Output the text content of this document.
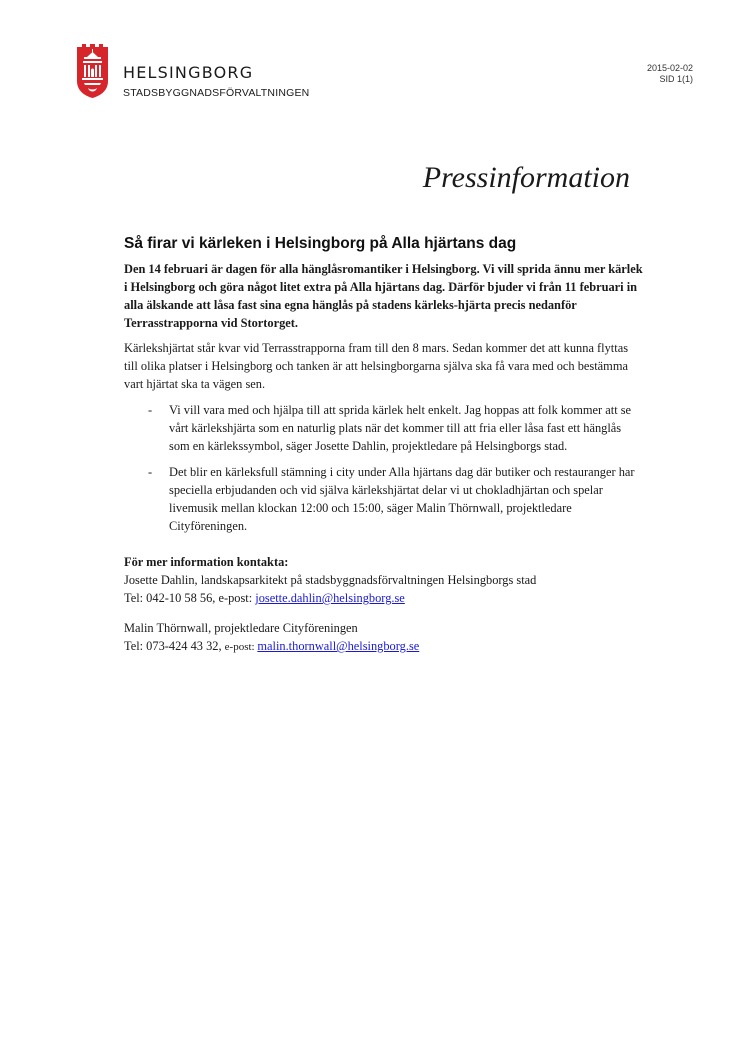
HELSINGBORG
STADSBYGGNADSFÖRVALTNINGEN
2015-02-02
SID 1(1)
Pressinformation
Så firar vi kärleken i Helsingborg på Alla hjärtans dag

Den 14 februari är dagen för alla hänglåsromantiker i Helsingborg. Vi vill sprida ännu mer kärlek i Helsingborg och göra något litet extra på Alla hjärtans dag. Därför bjuder vi från 11 februari in alla älskande att låsa fast sina egna hänglås på stadens kärleks-hjärta precis nedanför Terrasstrapporna vid Stortorget.

Kärlekshjärtat står kvar vid Terrasstrapporna fram till den 8 mars. Sedan kommer det att kunna flyttas till olika platser i Helsingborg och tanken är att helsingborgarna själva ska få vara med och bestämma vart hjärtat ska ta vägen sen.

- Vi vill vara med och hjälpa till att sprida kärlek helt enkelt. Jag hoppas att folk kommer att se vårt kärlekshjärta som en naturlig plats när det kommer till att fria eller låsa fast ett hänglås som en kärlekssymbol, säger Josette Dahlin, projektledare på Helsingborgs stad.
- Det blir en kärleksfull stämning i city under Alla hjärtans dag där butiker och restauranger har speciella erbjudanden och vid själva kärlekshjärtat delar vi ut chokladhjärtan och spelar livemusik mellan klockan 12:00 och 15:00, säger Malin Thörnwall, projektledare Cityföreningen.
För mer information kontakta:
Josette Dahlin, landskapsarkitekt på stadsbyggnadsförvaltningen Helsingborgs stad
Tel: 042-10 58 56, e-post: josette.dahlin@helsingborg.se
Malin Thörnwall, projektledare Cityföreningen
Tel: 073-424 43 32, e-post: malin.thornwall@helsingborg.se
